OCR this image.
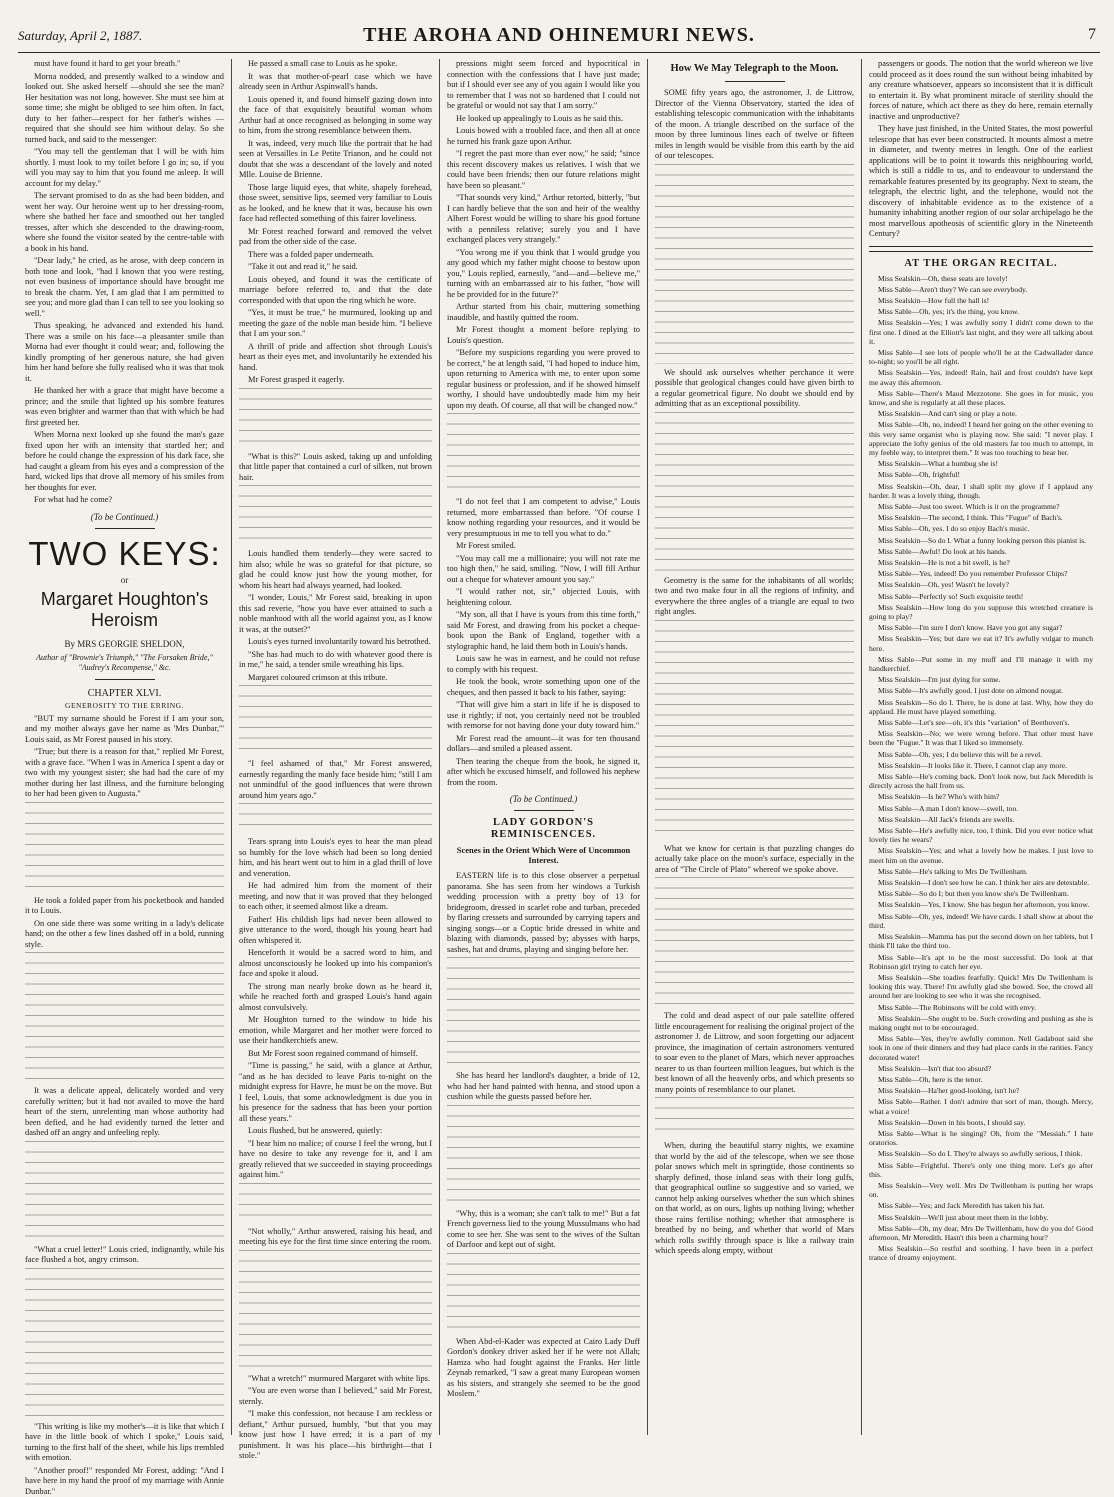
Saturday, April 2, 1887.	THE AROHA AND OHINEMURI NEWS.	7

must have found it hard to get your breath."

Morna nodded, and presently walked to a window and looked out. She asked herself —should she see the man? Her hesitation was not long, however. She must see him at some time; she might be obliged to see him often. In fact, duty to her father—respect for her father's wishes — required that she should see him without delay. So she turned back, and said to the messenger:

"You may tell the gentleman that I will be with him shortly. I must look to my toilet before I go in; so, if you will you may say to him that you found me asleep. It will account for my delay."

The servant promised to do as she had been bidden, and went her way. Our heroine went up to her dressing-room, where she bathed her face and smoothed out her tangled tresses, after which she descended to the drawing-room, where she found the visitor seated by the centre-table with a book in his hand.

"Dear lady," he cried, as he arose, with deep concern in both tone and look, "had I known that you were resting, not even business of importance should have brought me to break the charm. Yet, I am glad that I am permitted to see you; and more glad than I can tell to see you looking so well."

Thus speaking, he advanced and extended his hand. There was a smile on his face—a pleasanter smile than Morna had ever thought it could wear; and, following the kindly prompting of her generous nature, she had given him her hand before she fully realised who it was that took it.

He thanked her with a grace that might have become a prince; and the smile that lighted up his sombre features was even brighter and warmer than that with which he had first greeted her.

When Morna next looked up she found the man's gaze fixed upon her with an intensity that startled her; and before he could change the expression of his dark face, she had caught a gleam from his eyes and a compression of the hard, wicked lips that drove all memory of his smiles from her thoughts for ever.

For what had he come?

(To be Continued.)
TWO KEYS:
or
Margaret Houghton's Heroism
By MRS GEORGIE SHELDON,
Author of "Brownie's Triumph," "The Forsaken Bride," "Audrey's Recompense," &c.
CHAPTER XLVI.
GENEROSITY TO THE ERRING.

"BUT my surname should be Forest if I am your son, and my mother always gave her name as 'Mrs Dunbar,'" Louis said, as Mr Forest paused in his story.

"True; but there is a reason for that," replied Mr Forest, with a grave face. "When I was in America I spent a day or two with my youngest sister; she had had the care of my mother during her last illness, and the furniture belonging to her had been given to Augusta."

He took a folded paper from his pocketbook and handed it to Louis.

On one side there was some writing in a lady's delicate hand; on the other a few lines dashed off in a bold, running style.

It was a delicate appeal, delicately worded and very carefully written; but it had not availed to move the hard heart of the stern, unrelenting man whose authority had been defied, and he had evidently turned the letter and dashed off an angry and unfeeling reply.

"What a cruel letter!" Louis cried, indignantly, while his face flushed a hot, angry crimson.

"This writing is like my mother's—it is like that which I have in the little book of which I spoke," Louis said, turning to the first half of the sheet, while his lips trembled with emotion.

"Another proof!" responded Mr Forest, adding: "And I have here in my hand the proof of my marriage with Annie Dunbar."

He passed a small case to Louis as he spoke.

It was that mother-of-pearl case which we have already seen in Arthur Aspinwall's hands.

Louis opened it, and found himself gazing down into the face of that exquisitely beautiful woman whom Arthur had at once recognised as belonging in some way to him, from the strong resemblance between them.

It was, indeed, very much like the portrait that he had seen at Versailles in Le Petite Trianon, and he could not doubt that she was a descendant of the lovely and noted Mlle. Louise de Brienne.

Those large liquid eyes, that white, shapely forehead, those sweet, sensitive lips, seemed very familiar to Louis as he looked, and he knew that it was, because his own face had reflected something of this fairer loveliness.

Mr Forest reached forward and removed the velvet pad from the other side of the case.

There was a folded paper underneath.

"Take it out and read it," he said.

Louis obeyed, and found it was the certificate of marriage before referred to, and that the date corresponded with that upon the ring which he wore.

"Yes, it must be true," he murmured, looking up and meeting the gaze of the noble man beside him. "I believe that I am your son."

A thrill of pride and affection shot through Louis's heart as their eyes met, and involuntarily he extended his hand.

Mr Forest grasped it eagerly.

"What is this?" Louis asked, taking up and unfolding that little paper that contained a curl of silken, nut brown hair.

Louis handled them tenderly—they were sacred to him also; while he was so grateful for that picture, so glad he could know just how the young mother, for whom his heart had always yearned, had looked.

"I wonder, Louis," Mr Forest said, breaking in upon this sad reverie, "how you have ever attained to such a noble manhood with all the world against you, as I know it was, at the outset?"

Louis's eyes turned involuntarily toward his betrothed.

"She has had much to do with whatever good there is in me," he said, a tender smile wreathing his lips.

Margaret coloured crimson at this tribute.

"I feel ashamed of that," Mr Forest answered, earnestly regarding the manly face beside him; "still I am not unmindful of the good influences that were thrown around him years ago."

Tears sprang into Louis's eyes to hear the man plead so humbly for the love which had been so long denied him, and his heart went out to him in a glad thrill of love and veneration.

He had admired him from the moment of their meeting, and now that it was proved that they belonged to each other, it seemed almost like a dream.

Father! His childish lips had never been allowed to give utterance to the word, though his young heart had often whispered it.

Henceforth it would be a sacred word to him, and almost unconsciously he looked up into his companion's face and spoke it aloud.

The strong man nearly broke down as he heard it, while he reached forth and grasped Louis's hand again almost convulsively.

Mr Houghton turned to the window to hide his emotion, while Margaret and her mother were forced to use their handkerchiefs anew.

But Mr Forest soon regained command of himself.

"Time is passing," he said, with a glance at Arthur, "and as he has decided to leave Paris to-night on the midnight express for Havre, he must be on the move. But I feel, Louis, that some acknowledgment is due you in his presence for the sadness that has been your portion all these years."

Louis flushed, but he answered, quietly:

"I bear him no malice; of course I feel the wrong, but I have no desire to take any revenge for it, and I am greatly relieved that we succeeded in staying proceedings against him."

"Not wholly," Arthur answered, raising his head, and meeting his eye for the first time since entering the room.

"What a wretch!" murmured Margaret with white lips.

"You are even worse than I believed," said Mr Forest, sternly.

"I make this confession, not because I am reckless or defiant," Arthur pursued, humbly, "but that you may know just how I have erred; it is a part of my punishment. It was his place—his birthright—that I stole."

pressions might seem forced and hypocritical in connection with the confessions that I have just made; but if I should ever see any of you again I would like you to remember that I was not so hardened that I could not be grateful or would not say that I am sorry."

He looked up appealingly to Louis as he said this.

Louis bowed with a troubled face, and then all at once he turned his frank gaze upon Arthur.

"I regret the past more than ever now," he said; "since this recent discovery makes us relatives. I wish that we could have been friends; then our future relations might have been so pleasant."

"That sounds very kind," Arthur retorted, bitterly, "but I can hardly believe that the son and heir of the wealthy Albert Forest would be willing to share his good fortune with a penniless relative; surely you and I have exchanged places very strangely."

"You wrong me if you think that I would grudge you any good which my father might choose to bestow upon you," Louis replied, earnestly, "and—and—believe me," turning with an embarrassed air to his father, "how will he be provided for in the future?"

Arthur started from his chair, muttering something inaudible, and hastily quitted the room.

Mr Forest thought a moment before replying to Louis's question.

"Before my suspicions regarding you were proved to be correct," he at length said, "I had hoped to induce him, upon returning to America with me, to enter upon some regular business or profession, and if he showed himself worthy, I should have undoubtedly made him my heir upon my death. Of course, all that will be changed now."

"I do not feel that I am competent to advise," Louis returned, more embarrassed than before. "Of course I know nothing regarding your resources, and it would be very presumptuous in me to tell you what to do."

Mr Forest smiled.

"You may call me a millionaire; you will not rate me too high then," he said, smiling. "Now, I will fill Arthur out a cheque for whatever amount you say."

"I would rather not, sir," objected Louis, with heightening colour.

"My son, all that I have is yours from this time forth," said Mr Forest, and drawing from his pocket a cheque-book upon the Bank of England, together with a stylographic hand, he laid them both in Louis's hands.

Louis saw he was in earnest, and he could not refuse to comply with his request.

He took the book, wrote something upon one of the cheques, and then passed it back to his father, saying:

"That will give him a start in life if he is disposed to use it rightly; if not, you certainly need not be troubled with remorse for not having done your duty toward him."

Mr Forest read the amount—it was for ten thousand dollars—and smiled a pleased assent.

Then tearing the cheque from the book, he signed it, after which he excused himself, and followed his nephew from the room.

(To be Continued.)
LADY GORDON'S REMINISCENCES.
Scenes in the Orient Which Were of Uncommon Interest.

EASTERN life is to this close observer a perpetual panorama. She has seen from her windows a Turkish wedding procession with a pretty boy of 13 for bridegroom, dressed in scarlet robe and turban, preceded by flaring cressets and surrounded by carrying tapers and singing songs—or a Coptic bride dressed in white and blazing with diamonds, passed by; abysses with harps, sashes, hat and drums, playing and singing before her.

She has heard her landlord's daughter, a bride of 12, who had her hand painted with henna, and stood upon a cushion while the guests passed before her.

"Why, this is a woman; she can't talk to me!" But a fat French governess lied to the young Mussulmans who had come to see her. She was sent to the wives of the Sultan of Darfoor and kept out of sight.

When Abd-el-Kader was expected at Cairo Lady Duff Gordon's donkey driver asked her if he were not Allah; Hamza who had fought against the Franks. Her little Zeynab remarked, "I saw a great many European women as his sisters, and strangely she seemed to be the good Moslem."

How We May Telegraph to the Moon.

SOME fifty years ago, the astronomer, J. de Littrow, Director of the Vienna Observatory, started the idea of establishing telescopic communication with the inhabitants of the moon. A triangle described on the surface of the moon by three luminous lines each of twelve or fifteen miles in length would be visible from this earth by the aid of our telescopes.

We should ask ourselves whether perchance it were possible that geological changes could have given birth to a regular geometrical figure. No doubt we should end by admitting that as an exceptional possibility.

Geometry is the same for the inhabitants of all worlds; two and two make four in all the regions of infinity, and everywhere the three angles of a triangle are equal to two right angles.

What we know for certain is that puzzling changes do actually take place on the moon's surface, especially in the area of "The Circle of Plato" whereof we spoke above.

The cold and dead aspect of our pale satellite offered little encouragement for realising the original project of the astronomer J. de Littrow, and soon forgetting our adjacent province, the imagination of certain astronomers ventured to soar even to the planet of Mars, which never approaches nearer to us than fourteen million leagues, but which is the best known of all the heavenly orbs, and which presents so many points of resemblance to our planet.

When, during the beautiful starry nights, we examine that world by the aid of the telescope, when we see those polar snows which melt in springtide, those continents so sharply defined, those inland seas with their long gulfs, that geographical outline so suggestive and so varied, we cannot help asking ourselves whether the sun which shines on that world, as on ours, lights up nothing living; whether those rains fertilise nothing; whether that atmosphere is breathed by no being, and whether that world of Mars which rolls swiftly through space is like a railway train which speeds along empty, without

passengers or goods. The notion that the world whereon we live could proceed as it does round the sun without being inhabited by any creature whatsoever, appears so inconsistent that it is difficult to entertain it. By what prominent miracle of sterility should the forces of nature, which act there as they do here, remain eternally inactive and unproductive?

They have just finished, in the United States, the most powerful telescope that has ever been constructed. It mounts almost a metre in diameter, and twenty metres in length. One of the earliest applications will be to point it towards this neighbouring world, which is still a riddle to us, and to endeavour to understand the remarkable features presented by its geography. Next to steam, the telegraph, the electric light, and the telephone, would not the discovery of inhabitable evidence as to the existence of a humanity inhabiting another region of our solar archipelago be the most marvellous apotheosis of scientific glory in the Nineteenth Century?

AT THE ORGAN RECITAL.

Miss Sealskin—Oh, these seats are lovely!

Miss Sable—Aren't they? We can see everybody.

Miss Sealskin—How full the hall is!

Miss Sable—Oh, yes; it's the thing, you know.

Miss Sealskin—Yes; I was awfully sorry I didn't come down to the first one. I dined at the Elliott's last night, and they were all talking about it.

Miss Sable—I see lots of people who'll be at the Cadwallader dance to-night; so you'll be all right.

Miss Sealskin—Yes, indeed! Rain, hail and frost couldn't have kept me away this afternoon.

Miss Sable—There's Maud Mezzotone. She goes in for music, you know, and she is regularly at all these places.

Miss Sealskin—And can't sing or play a note.

Miss Sable—Oh, no, indeed! I heard her going on the other evening to this very same organist who is playing now. She said: "I never play. I appreciate the lofty genius of the old masters far too much to attempt, in my feeble way, to interpret them." It was too touching to bear her.

Miss Sealskin—What a humbug she is!

Miss Sable—Oh, frightful!

Miss Sealskin—Oh, dear, I shall split my glove if I applaud any harder. It was a lovely thing, though.

Miss Sable—Just too sweet. Which is it on the programme?

Miss Sealskin—The second, I think. This "Fugue" of Bach's.

Miss Sable—Oh, yes. I do so enjoy Bach's music.

Miss Sealskin—So do I. What a funny looking person this pianist is.

Miss Sable—Awful! Do look at his hands.

Miss Sealskin—He is not a bit swell, is he?

Miss Sable—Yes, indeed! Do you remember Professor Chips?

Miss Sealskin—Oh, yes! Wasn't he lovely?

Miss Sable—Perfectly so! Such exquisite teeth!

Miss Sealskin—How long do you suppose this wretched creature is going to play?

Miss Sable—I'm sure I don't know. Have you got any sugar?

Miss Sealskin—Yes; but dare we eat it? It's awfully vulgar to munch here.

Miss Sable—Put some in my muff and I'll manage it with my handkerchief.

Miss Sealskin—I'm just dying for some.

Miss Sable—It's awfully good. I just dote on almond nougat.

Miss Sealskin—So do I. There, he is done at last. Why, how they do applaud. He must have played something.

Miss Sable—Let's see—oh, it's this "variation" of Beethoven's.

Miss Sealskin—No; we were wrong before. That other must have been the "Fugue." It was that I liked so immensely.

Miss Sable—Oh, yes; I do believe this will be a revel.

Miss Sealskin—It looks like it. There, I cannot clap any more.

Miss Sable—He's coming back. Don't look now, but Jack Meredith is directly across the hall from us.

Miss Sealskin—Is he? Who's with him?

Miss Sable—A man I don't know—swell, too.

Miss Sealskin—All Jack's friends are swells.

Miss Sable—He's awfully nice, too, I think. Did you ever notice what lovely ties he wears?

Miss Sealskin—Yes; and what a lovely bow he makes. I just love to meet him on the avenue.

Miss Sable—He's talking to Mrs De Twillenham.

Miss Sealskin—I don't see how he can. I think her airs are detestable.

Miss Sable—So do I; but then you know she's De Twillenham.

Miss Sealskin—Yes, I know. She has begun her afternoon, you know.

Miss Sable—Oh, yes, indeed! We have cards. I shall show at about the third.

Miss Sealskin—Mamma has put the second down on her tablets, but I think I'll take the third too.

Miss Sable—It's apt to be the most successful. Do look at that Robinson girl trying to catch her eye.

Miss Sealskin—She toadies fearfully. Quick! Mrs De Twillenham is looking this way. There! I'm awfully glad she bowed. See, the crowd all around her are looking to see who it was she recognised.

Miss Sable—The Robinsons will be cold with envy.

Miss Sealskin—She ought to be. Such crowding and pushing as she is making ought not to be encouraged.

Miss Sable—Yes, they're awfully common. Nell Gadabout said she took in one of their dinners and they had place cards in the rarities. Fancy decorated water!

Miss Sealskin—Isn't that too absurd?

Miss Sable—Oh, here is the tenor.

Miss Sealskin—Ha'her good-looking, isn't he?

Miss Sable—Rather. I don't admire that sort of man, though. Mercy, what a voice!

Miss Sealskin—Down in his boots, I should say.

Miss Sable—What is he singing? Oh, from the "Messiah." I hate oratorios.

Miss Sealskin—So do I. They're always so awfully serious, I think.

Miss Sable—Frightful. There's only one thing more. Let's go after this.

Miss Sealskin—Very well. Mrs De Twillenham is putting her wraps on.

Miss Sable—Yes; and Jack Meredith has taken his hat.

Miss Sealskin—We'll just about meet them in the lobby.

Miss Sable—Oh, my dear, Mrs De Twillenham, how do you do! Good afternoon, Mr Meredith. Hasn't this been a charming hour?

Miss Sealskin—So restful and soothing. I have been in a perfect trance of dreamy enjoyment.
